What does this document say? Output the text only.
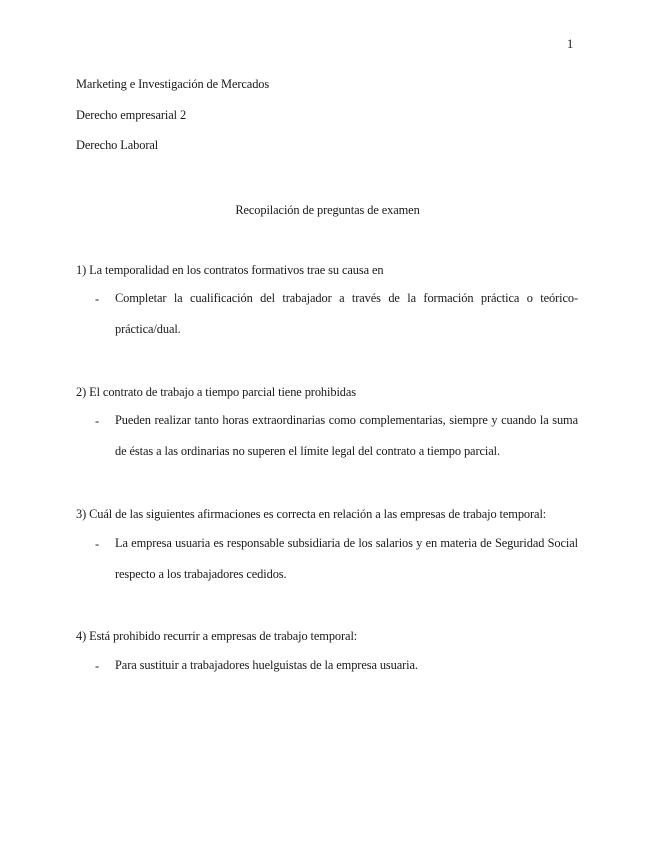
1
Marketing e Investigación de Mercados
Derecho empresarial 2
Derecho Laboral
Recopilación de preguntas de examen
1) La temporalidad en los contratos formativos trae su causa en
- Completar la cualificación del trabajador a través de la formación práctica o teórico-práctica/dual.
2) El contrato de trabajo a tiempo parcial tiene prohibidas
- Pueden realizar tanto horas extraordinarias como complementarias, siempre y cuando la suma de éstas a las ordinarias no superen el límite legal del contrato a tiempo parcial.
3) Cuál de las siguientes afirmaciones es correcta en relación a las empresas de trabajo temporal:
- La empresa usuaria es responsable subsidiaria de los salarios y en materia de Seguridad Social respecto a los trabajadores cedidos.
4) Está prohibido recurrir a empresas de trabajo temporal:
- Para sustituir a trabajadores huelguistas de la empresa usuaria.
